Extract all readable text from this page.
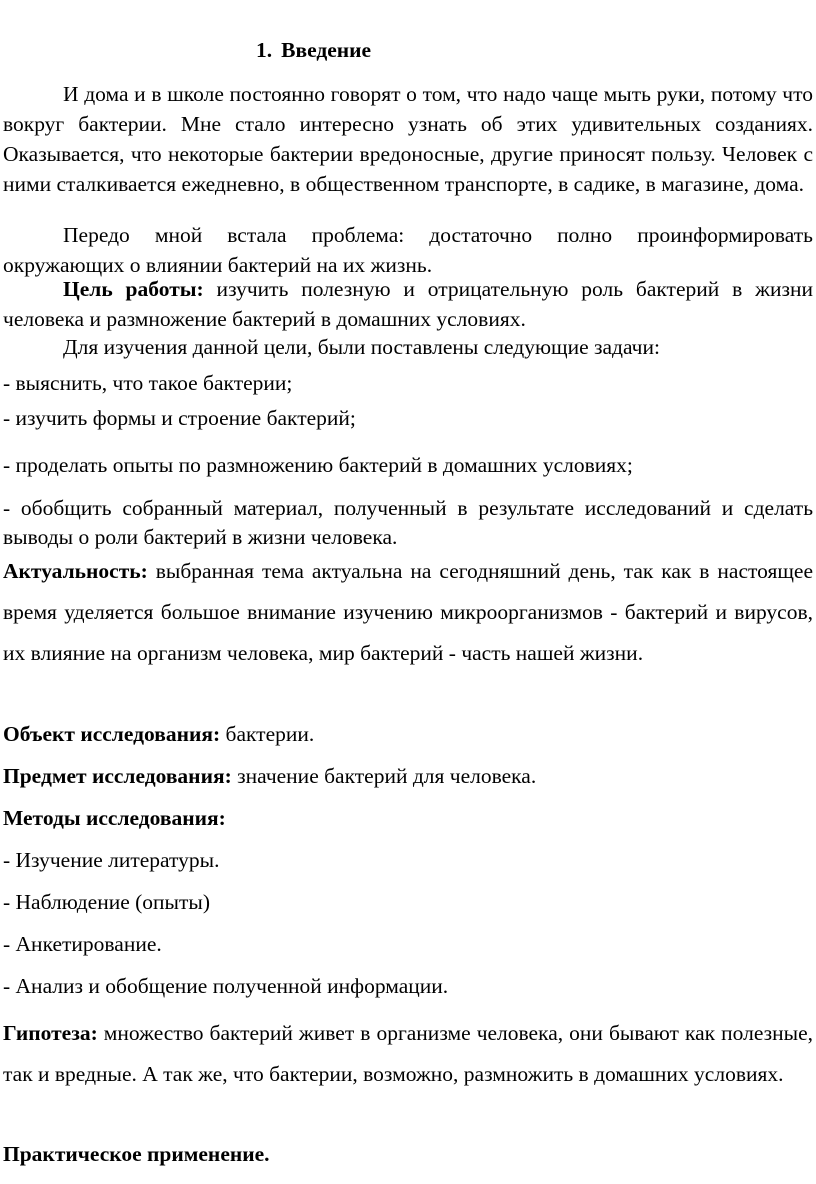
1. Введение

И дома и в школе постоянно говорят о том, что надо чаще мыть руки, потому что вокруг бактерии. Мне стало интересно узнать об этих удивительных созданиях. Оказывается, что некоторые бактерии вредоносные, другие приносят пользу. Человек с ними сталкивается ежедневно, в общественном транспорте, в садике, в магазине, дома.

Передо мной встала проблема: достаточно полно проинформировать окружающих о влиянии бактерий на их жизнь.

Цель работы: изучить полезную и отрицательную роль бактерий в жизни человека и размножение бактерий в домашних условиях.

Для изучения данной цели, были поставлены следующие задачи:

- выяснить, что такое бактерии;

- изучить формы и строение бактерий;

- проделать опыты по размножению бактерий в домашних условиях;

- обобщить собранный материал, полученный в результате исследований и сделать выводы о роли бактерий в жизни человека.

Актуальность: выбранная тема актуальна на сегодняшний день, так как в настоящее время уделяется большое внимание изучению микроорганизмов - бактерий и вирусов, их влияние на организм человека, мир бактерий - часть нашей жизни.

Объект исследования: бактерии.

Предмет исследования: значение бактерий для человека.

Методы исследования:

- Изучение литературы.

- Наблюдение (опыты)

- Анкетирование.

- Анализ и обобщение полученной информации.

Гипотеза: множество бактерий живет в организме человека, они бывают как полезные, так и вредные. А так же, что бактерии, возможно, размножить в домашних условиях.

Практическое применение.
